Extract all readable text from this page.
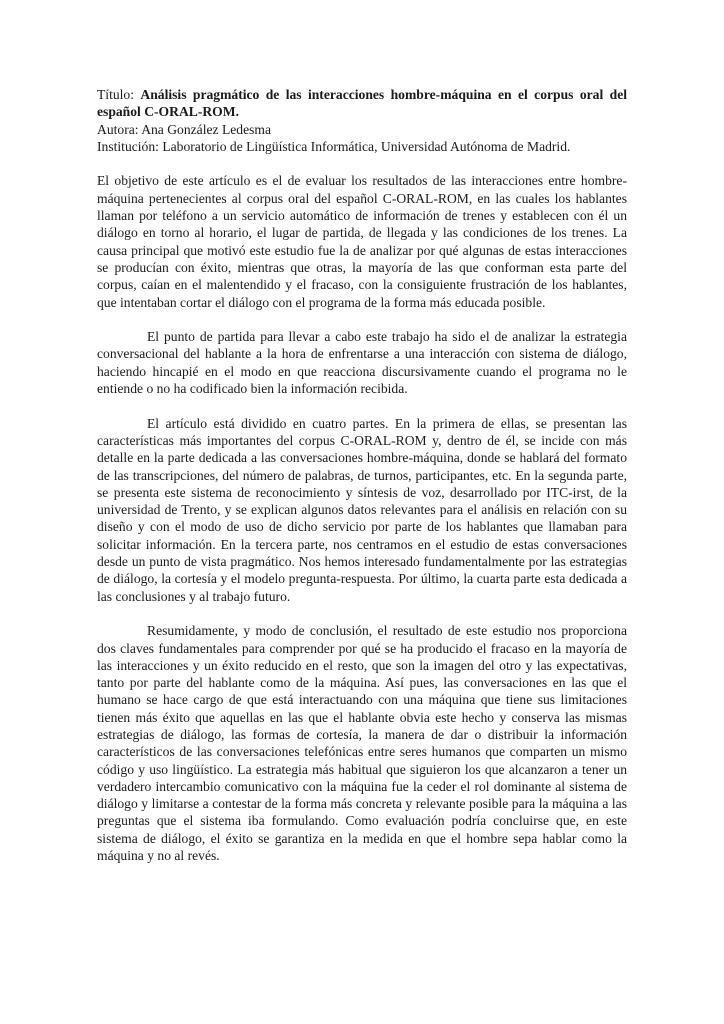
Título: Análisis pragmático de las interacciones hombre-máquina en el corpus oral del español C-ORAL-ROM.

Autora: Ana González Ledesma

Institución: Laboratorio de Lingüística Informática, Universidad Autónoma de Madrid.

El objetivo de este artículo es el de evaluar los resultados de las interacciones entre hombre-máquina pertenecientes al corpus oral del español C-ORAL-ROM, en las cuales los hablantes llaman por teléfono a un servicio automático de información de trenes y establecen con él un diálogo en torno al horario, el lugar de partida, de llegada y las condiciones de los trenes. La causa principal que motivó este estudio fue la de analizar por qué algunas de estas interacciones se producían con éxito, mientras que otras, la mayoría de las que conforman esta parte del corpus, caían en el malentendido y el fracaso, con la consiguiente frustración de los hablantes, que intentaban cortar el diálogo con el programa de la forma más educada posible.

El punto de partida para llevar a cabo este trabajo ha sido el de analizar la estrategia conversacional del hablante a la hora de enfrentarse a una interacción con sistema de diálogo, haciendo hincapié en el modo en que reacciona discursivamente cuando el programa no le entiende o no ha codificado bien la información recibida.

El artículo está dividido en cuatro partes. En la primera de ellas, se presentan las características más importantes del corpus C-ORAL-ROM y, dentro de él, se incide con más detalle en la parte dedicada a las conversaciones hombre-máquina, donde se hablará del formato de las transcripciones, del número de palabras, de turnos, participantes, etc. En la segunda parte, se presenta este sistema de reconocimiento y síntesis de voz, desarrollado por ITC-irst, de la universidad de Trento, y se explican algunos datos relevantes para el análisis en relación con su diseño y con el modo de uso de dicho servicio por parte de los hablantes que llamaban para solicitar información. En la tercera parte, nos centramos en el estudio de estas conversaciones desde un punto de vista pragmático. Nos hemos interesado fundamentalmente por las estrategias de diálogo, la cortesía y el modelo pregunta-respuesta. Por último, la cuarta parte esta dedicada a las conclusiones y al trabajo futuro.

Resumidamente, y modo de conclusión, el resultado de este estudio nos proporciona dos claves fundamentales para comprender por qué se ha producido el fracaso en la mayoría de las interacciones y un éxito reducido en el resto, que son la imagen del otro y las expectativas, tanto por parte del hablante como de la máquina. Así pues, las conversaciones en las que el humano se hace cargo de que está interactuando con una máquina que tiene sus limitaciones tienen más éxito que aquellas en las que el hablante obvia este hecho y conserva las mismas estrategias de diálogo, las formas de cortesía, la manera de dar o distribuir la información característicos de las conversaciones telefónicas entre seres humanos que comparten un mismo código y uso lingüístico. La estrategia más habitual que siguieron los que alcanzaron a tener un verdadero intercambio comunicativo con la máquina fue la ceder el rol dominante al sistema de diálogo y limitarse a contestar de la forma más concreta y relevante posible para la máquina a las preguntas que el sistema iba formulando. Como evaluación podría concluirse que, en este sistema de diálogo, el éxito se garantiza en la medida en que el hombre sepa hablar como la máquina y no al revés.
